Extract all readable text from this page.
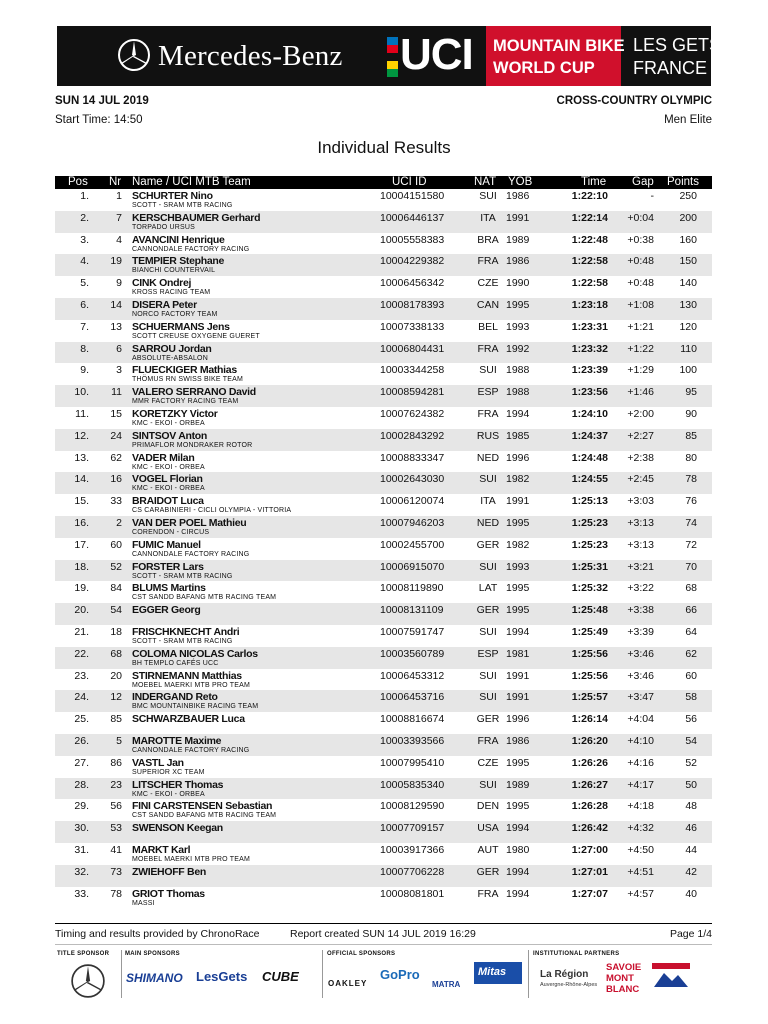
Mercedes-Benz UCI MOUNTAIN BIKE
WORLD CUP
LES GETS
FRANCE
SUN 14 JUL 2019	CROSS-COUNTRY OLYMPIC
Start Time: 14:50	Men Elite
Individual Results
Pos Nr Name / UCI MTB Team	UCI ID	NAT YOB	Time Gap Points
1.	1 SCHURTER Nino
SCOTT - SRAM MTB RACING
10004151580	SUI 1986	1:22:10	-	250
2.	7 KERSCHBAUMER Gerhard
TORPADO URSUS
10006446137	ITA 1991	1:22:14	+0:04	200
3.	4 AVANCINI Henrique
CANNONDALE FACTORY RACING
10005558383	BRA 1989	1:22:48	+0:38	160
4.	19 TEMPIER Stephane
BIANCHI COUNTERVAIL
10004229382	FRA 1986	1:22:58	+0:48	150
5.	9 CINK Ondrej
KROSS RACING TEAM
10006456342	CZE 1990	1:22:58	+0:48	140
6.	14 DISERA Peter
NORCO FACTORY TEAM
10008178393	CAN 1995	1:23:18	+1:08	130
7.	13 SCHUERMANS Jens
SCOTT CREUSE OXYGENE GUERET
10007338133	BEL 1993	1:23:31	+1:21	120
8.	6 SARROU Jordan
ABSOLUTE-ABSALON
10006804431	FRA 1992	1:23:32	+1:22	110
9.	3 FLUECKIGER Mathias
THÖMUS RN SWISS BIKE TEAM
10003344258	SUI 1988	1:23:39	+1:29	100
10.	11 VALERO SERRANO David
MMR FACTORY RACING TEAM
10008594281	ESP 1988	1:23:56	+1:46	95
11.	15 KORETZKY Victor
KMC - EKOI - ORBEA
10007624382	FRA 1994	1:24:10	+2:00	90
12.	24 SINTSOV Anton
PRIMAFLOR MONDRAKER ROTOR
10002843292	RUS 1985	1:24:37	+2:27	85
13.	62 VADER Milan
KMC - EKOI - ORBEA
10008833347	NED 1996	1:24:48	+2:38	80
14.	16 VOGEL Florian
KMC - EKOI - ORBEA
10002643030	SUI 1982	1:24:55	+2:45	78
15.	33 BRAIDOT Luca
CS CARABINIERI - CICLI OLYMPIA - VITTORIA
10006120074	ITA 1991	1:25:13	+3:03	76
16.	2 VAN DER POEL Mathieu
CORENDON - CIRCUS
10007946203	NED 1995	1:25:23	+3:13	74
17.	60 FUMIC Manuel
CANNONDALE FACTORY RACING
10002455700	GER 1982	1:25:23	+3:13	72
18.	52 FORSTER Lars
SCOTT - SRAM MTB RACING
10006915070	SUI 1993	1:25:31	+3:21	70
19.	84 BLUMS Martins
CST SANDD BAFANG MTB RACING TEAM
10008119890	LAT 1995	1:25:32	+3:22	68
20.	54 EGGER Georg	10008131109	GER 1995	1:25:48	+3:38	66
21.	18 FRISCHKNECHT Andri
SCOTT - SRAM MTB RACING
10007591747	SUI 1994	1:25:49	+3:39	64
22.	68 COLOMA NICOLAS Carlos
BH TEMPLO CAFÉS UCC
10003560789	ESP 1981	1:25:56	+3:46	62
23.	20 STIRNEMANN Matthias
MOEBEL MAERKI MTB PRO TEAM
10006453312	SUI 1991	1:25:56	+3:46	60
24.	12 INDERGAND Reto
BMC MOUNTAINBIKE RACING TEAM
10006453716	SUI 1991	1:25:57	+3:47	58
25.	85 SCHWARZBAUER Luca	10008816674	GER 1996	1:26:14	+4:04	56
26.	5 MAROTTE Maxime
CANNONDALE FACTORY RACING
10003393566	FRA 1986	1:26:20	+4:10	54
27.	86 VASTL Jan
SUPERIOR XC TEAM
10007995410	CZE 1995	1:26:26	+4:16	52
28.	23 LITSCHER Thomas
KMC - EKOI - ORBEA
10005835340	SUI 1989	1:26:27	+4:17	50
29.	56 FINI CARSTENSEN Sebastian
CST SANDD BAFANG MTB RACING TEAM
10008129590	DEN 1995	1:26:28	+4:18	48
30.	53 SWENSON Keegan	10007709157	USA 1994	1:26:42	+4:32	46
31.	41 MARKT Karl
MOEBEL MAERKI MTB PRO TEAM
10003917366	AUT 1980	1:27:00	+4:50	44
32.	73 ZWIEHOFF Ben	10007706228	GER 1994	1:27:01	+4:51	42
33.	78 GRIOT Thomas
MASSI
10008081801	FRA 1994	1:27:07	+4:57	40
Timing and results provided by ChronoRace	Report created SUN 14 JUL 2019 16:29	Page 1/4
TITLE SPONSOR	MAIN SPONSORS	OFFICIAL SPONSORS	INSTITUTIONAL PARTNERS
SHIMANO LesGets CUBE	OAKLEY
GoPro
MATRA
Mitas	La Région
Auvergne-Rhône-Alpes
SAVOIE
MONT
BLANC
